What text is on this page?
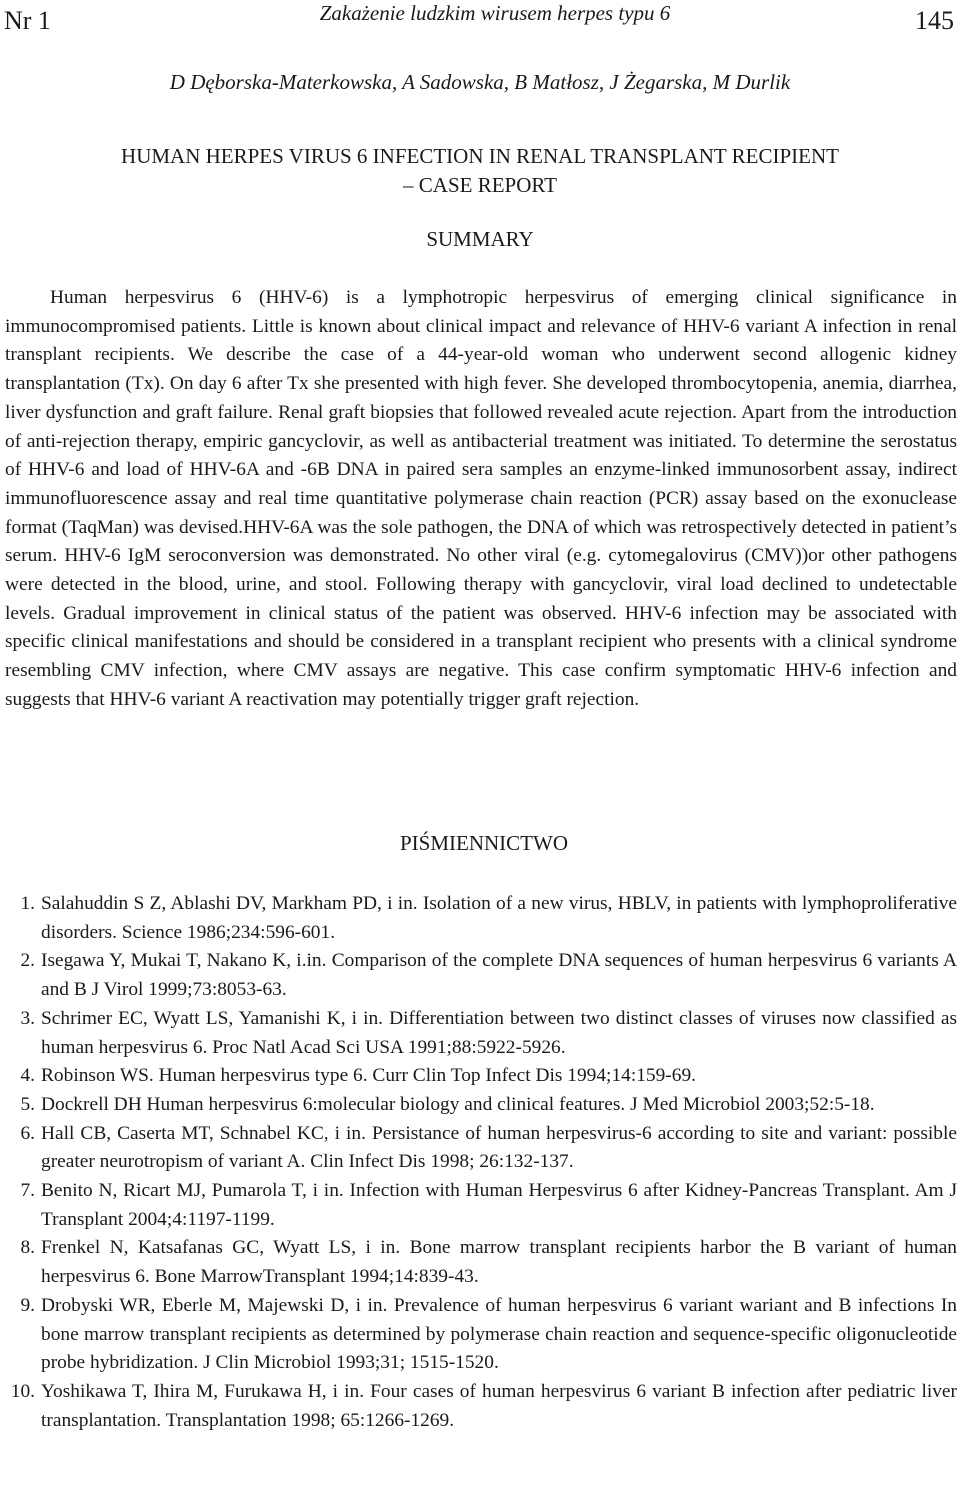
Nr 1	Zakażenie ludzkim wirusem herpes typu 6	145
D Dęborska-Materkowska, A Sadowska, B Matłosz, J Żegarska, M Durlik
HUMAN HERPES VIRUS 6 INFECTION IN RENAL TRANSPLANT RECIPIENT
– CASE REPORT
SUMMARY

Human herpesvirus 6 (HHV-6) is a lymphotropic herpesvirus of emerging clinical significance in immunocompromised patients. Little is known about clinical impact and relevance of HHV-6 variant A infection in renal transplant recipients. We describe the case of a 44-year-old woman who underwent second allogenic kidney transplantation (Tx). On day 6 after Tx she presented with high fever. She developed thrombocytopenia, anemia, diarrhea, liver dysfunction and graft failure. Renal graft biopsies that followed revealed acute rejection. Apart from the introduction of anti-rejection therapy, empiric gancyclovir, as well as antibacterial treatment was initiated. To determine the serostatus of HHV-6 and load of HHV-6A and -6B DNA in paired sera samples an enzyme-linked immunosorbent assay, indirect immunofluorescence assay and real time quantitative polymerase chain reaction (PCR) assay based on the exonuclease format (TaqMan) was devised.HHV-6A was the sole pathogen, the DNA of which was retrospectively detected in patient’s serum. HHV-6 IgM seroconversion was demonstrated. No other viral (e.g. cytomegalovirus (CMV))or other pathogens were detected in the blood, urine, and stool. Following therapy with gancyclovir, viral load declined to undetectable levels. Gradual improvement in clinical status of the patient was observed. HHV-6 infection may be associated with specific clinical manifestations and should be considered in a transplant recipient who presents with a clinical syndrome resembling CMV infection, where CMV assays are negative. This case confirm symptomatic HHV-6 infection and suggests that HHV-6 variant A reactivation may potentially trigger graft rejection.

PIŚMIENNICTWO

1. Salahuddin S Z, Ablashi DV, Markham PD, i in. Isolation of a new virus, HBLV, in patients with lymphoproliferative disorders. Science 1986;234:596-601.

2. Isegawa Y, Mukai T, Nakano K, i.in. Comparison of the complete DNA sequences of human herpesvirus 6 variants A and B J Virol 1999;73:8053-63.

3. Schrimer EC, Wyatt LS, Yamanishi K, i in. Differentiation between two distinct classes of viruses now classified as human herpesvirus 6. Proc Natl Acad Sci USA 1991;88:5922-5926.

4. Robinson WS. Human herpesvirus type 6. Curr Clin Top Infect Dis 1994;14:159-69.

5. Dockrell DH Human herpesvirus 6:molecular biology and clinical features. J Med Microbiol 2003;52:5-18.

6. Hall CB, Caserta MT, Schnabel KC, i in. Persistance of human herpesvirus-6 according to site and variant: possible greater neurotropism of variant A. Clin Infect Dis 1998; 26:132-137.

7. Benito N, Ricart MJ, Pumarola T, i in. Infection with Human Herpesvirus 6 after Kidney-Pancreas Transplant. Am J Transplant 2004;4:1197-1199.

8. Frenkel N, Katsafanas GC, Wyatt LS, i in. Bone marrow transplant recipients harbor the B variant of human herpesvirus 6. Bone MarrowTransplant 1994;14:839-43.

9. Drobyski WR, Eberle M, Majewski D, i in. Prevalence of human herpesvirus 6 variant wariant and B infections In bone marrow transplant recipients as determined by polymerase chain reaction and sequence-specific oligonucleotide probe hybridization. J Clin Microbiol 1993;31; 1515-1520.

10. Yoshikawa T, Ihira M, Furukawa H, i in. Four cases of human herpesvirus 6 variant B infection after pediatric liver transplantation. Transplantation 1998; 65:1266-1269.
